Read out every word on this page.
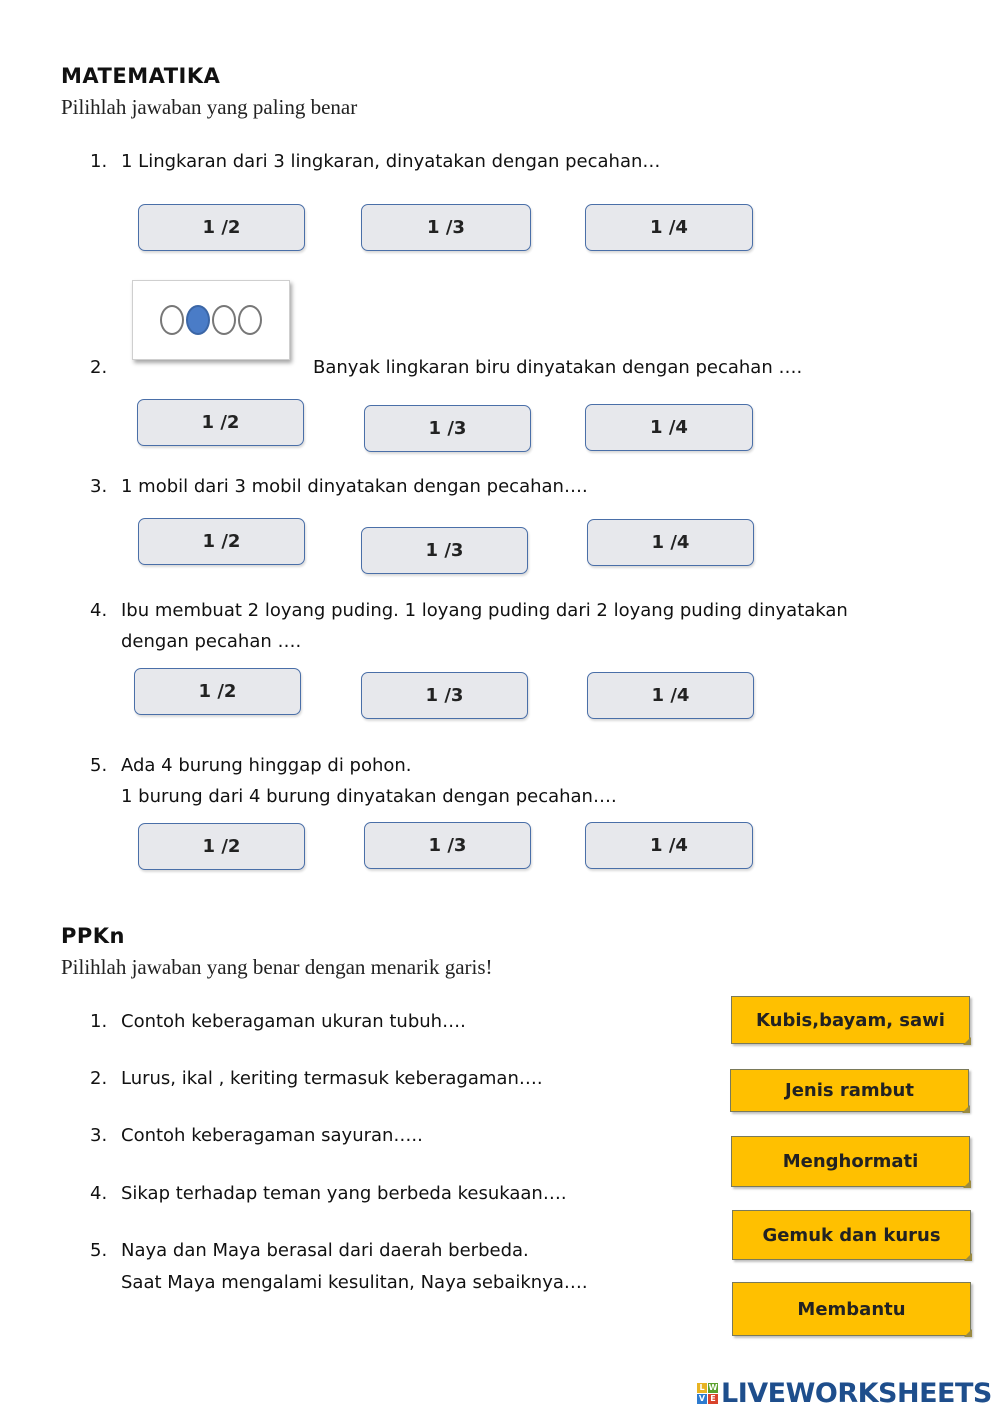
MATEMATIKA
Pilihlah jawaban yang paling benar
1. 1 Lingkaran dari 3 lingkaran, dinyatakan dengan pecahan…
1 /2	1 /3	1 /4
2.	Banyak lingkaran biru dinyatakan dengan pecahan ….
1 /2	1 /3	1 /4
3. 1 mobil dari 3 mobil dinyatakan dengan pecahan….
1 /2	1 /3	1 /4
4. Ibu membuat 2 loyang puding. 1 loyang puding dari 2 loyang puding dinyatakan
dengan pecahan ….
1 /2	1 /3	1 /4
5. Ada 4 burung hinggap di pohon.
1 burung dari 4 burung dinyatakan dengan pecahan….
1 /2	1 /3	1 /4
PPKn
Pilihlah jawaban yang benar dengan menarik garis!
1. Contoh keberagaman ukuran tubuh….
2. Lurus, ikal , keriting termasuk keberagaman….
3. Contoh keberagaman sayuran…..
4. Sikap terhadap teman yang berbeda kesukaan….
5. Naya dan Maya berasal dari daerah berbeda.
Saat Maya mengalami kesulitan, Naya sebaiknya….
Kubis,bayam, sawi
Jenis rambut
Menghormati
Gemuk dan kurus
Membantu
L W
V E LIVEWORKSHEETS
